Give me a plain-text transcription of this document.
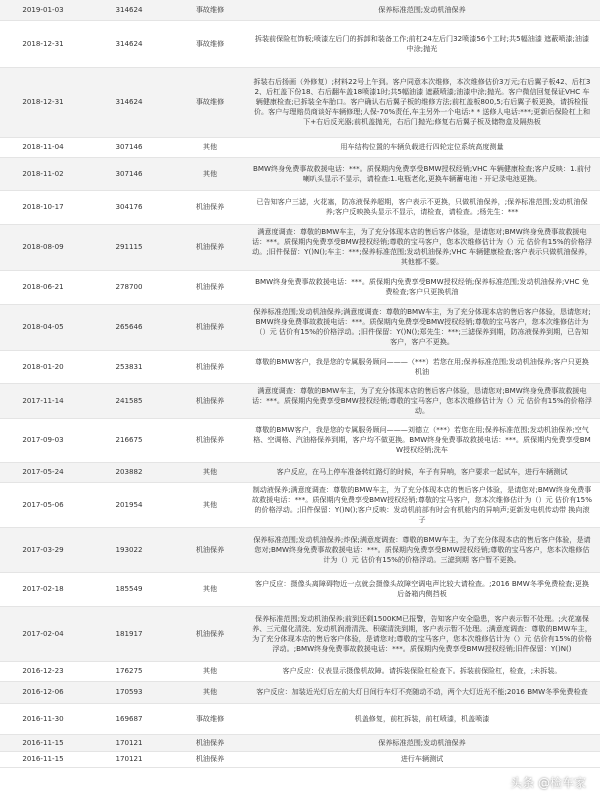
2019-01-03	314624	事故维修	保养标准范围;发动机油保养
2018-12-31	314624	事故维修	拆装前保险杠饰板;喷漆左后门的拆卸和装备工作;前杠24左后门32喷漆56个工时;共5幅油漆 遮蔽喷漆;油漆中涂;抛光
2018-12-31	314624	事故维修	拆装右后扬画（外修复）;材料22号上午到。客户同意本次维修，本次维修估价3万元;右后翼子板42、后杠32、后杠盖下份18、右后翻车盖18喷漆1时;共5幅油漆 遮蔽喷漆;油漆中涂;抛光。客户微信回复保证VHC 车辆健康检查;已拆装全车胎口。客户确认右后翼子板的维修方法;前杠盖板800,5;右后翼子板更换，请拆检报价。客户与理赔员商谈好车辆修理;人保-70%责任,车主另外一个电话:* * 送修人电话:***;更新后保险杠上和下+右后反光器;前机盖抛光，右后门抛光;修复右后翼子板及储物盒及隔热板
2018-11-04	307146	其他	用车结构位置的车辆负载进行四轮定位系统高度测量
2018-11-02	307146	其他	BMW终身免费事故救援电话：***。质保期内免费享受BMW授权经销;VHC 车辆健康检查;客户反映：1.前付喇叭头显示不显示，请检查:1.电瓶老化,更换车辆蓄电池 - 开记录电池更换。
2018-10-17	304176	机油保养	已告知客户三滤，火花塞，防冻液保养超期，客户表示不更换，只做机油保养，;保养标准范围;发动机油保养;客户反映换头显示不显示，请检查，请检查。;杨先生：***
2018-08-09	291115	机油保养	满意度调查：尊敬的BMW车主，为了充分体现本店的售后客户体验，是请您对;BMW终身免费事故救援电话：***。质保期内免费享受BMW授权经销;尊敬的宝马客户，您本次维修估计为（）元 估价有15%的价格浮动。;旧件保留：Y()N();车主：***;保养标准范围;发动机油保养;VHC 车辆健康检查;客户表示只做机油保养，其他都不要。
2018-06-21	278700	机油保养	BMW终身免费事故救援电话：***。质保期内免费享受BMW授权经销;保养标准范围;发动机油保养;VHC 免费检查;客户只更换机油
2018-04-05	265646	机油保养	保养标准范围;发动机油保养;满意度调查：尊敬的BMW车主，为了充分体现本店的售后客户体验，恳请您对;BMW终身免费事故救援电话：***。质保期内免费享受BMW授权经销;尊敬的宝马客户，您本次维修估计为（）元 估价有15%的价格浮动。;旧件保留：Y()N();郑先生：***;三滤保养到期，防冻液保养到期，已告知客户，客户不更换。
2018-01-20	253831	机油保养	尊敬的BMW客户，我是您的专属服务顾问———（***）若您在用;保养标准范围;发动机油保养;客户只更换机油
2017-11-14	241585	机油保养	满意度调查：尊敬的BMW车主，为了充分体现本店的售后客户体验，恳请您对;BMW终身免费事故救援电话：***。质保期内免费享受BMW授权经销;尊敬的宝马客户，您本次维修估计为（）元 估价有15%的价格浮动。
2017-09-03	216675	机油保养	尊敬的BMW客户，我是您的专属服务顾问———刘德立（***）若您在用;保养标准范围;发动机油保养;空气格、空调格、汽油格保养到期，客户均不做更换。BMW终身免费事故救援电话：***。质保期内免费享受BMW授权经销;洗车
2017-05-24	203882	其他	客户反应，在马上停车准备转红路灯的时候，车子有异响，客户要求一起试车，进行车辆测试
2017-05-06	201954	其他	制动液保养;满意度调查：尊敬的BMW车主，为了充分体现本店的售后客户体验，是请您对;BMW终身免费事故救援电话：***。质保期内免费享受BMW授权经销;尊敬的宝马客户，您本次维修估计为（）元 估价有15%的价格浮动。;旧件保留：Y()N();客户反映：发动机前部有时会有机舱内的异响声;更新发电机传动带 换向滚子
2017-03-29	193022	机油保养	保养标准范围;发动机油保养;炸保;满意度调查：尊敬的BMW车主，为了充分体现本店的售后客户体验，是请您对;BMW终身免费事故救援电话：***。质保期内免费享受BMW授权经销;尊敬的宝马客户，您本次维修估计为（）元 估价有15%的价格浮动。三滤到期 客户暂不更换。
2017-02-18	185549	其他	客户反应：摄像头离障碍物近一点就会摄像头故障空调电声比较大请检查。;2016 BMW冬季免费检查;更换后备箱内侧挡板
2017-02-04	181917	机油保养	保养标准范围;发动机油保养;前到还剩1500KM已报警，告知客户安全隐患，客户表示暂不处理。;火花塞保养、三元催化清洗、发动机润滑清洗、积碳清洗到期，客户表示暂不处理。;满意度调查：尊敬的BMW车主，为了充分体现本店的售后客户体验，是请您对;尊敬的宝马客户，您本次维修估计为（）元 估价有15%的价格浮动。;BMW终身免费事故救援电话：***。质保期内免费享受BMW授权经销;旧件保留：Y()N()
2016-12-23	176275	其他	客户反应：仪表显示摄像机故障。请拆装保险杠检查下。拆装前保险杠，检查，;未拆装。
2016-12-06	170593	其他	客户反应：加装近光灯后左前大灯日间行车灯不亮随动不动，两个大灯近光不能;2016 BMW冬季免费检查
2016-11-30	169687	事故维修	机盖修复，前杠拆装，前杠喷漆，机盖喷漆
2016-11-15	170121	机油保养	保养标准范围;发动机油保养
2016-11-15	170121	机油保养	进行车辆测试
头条 @检车家
